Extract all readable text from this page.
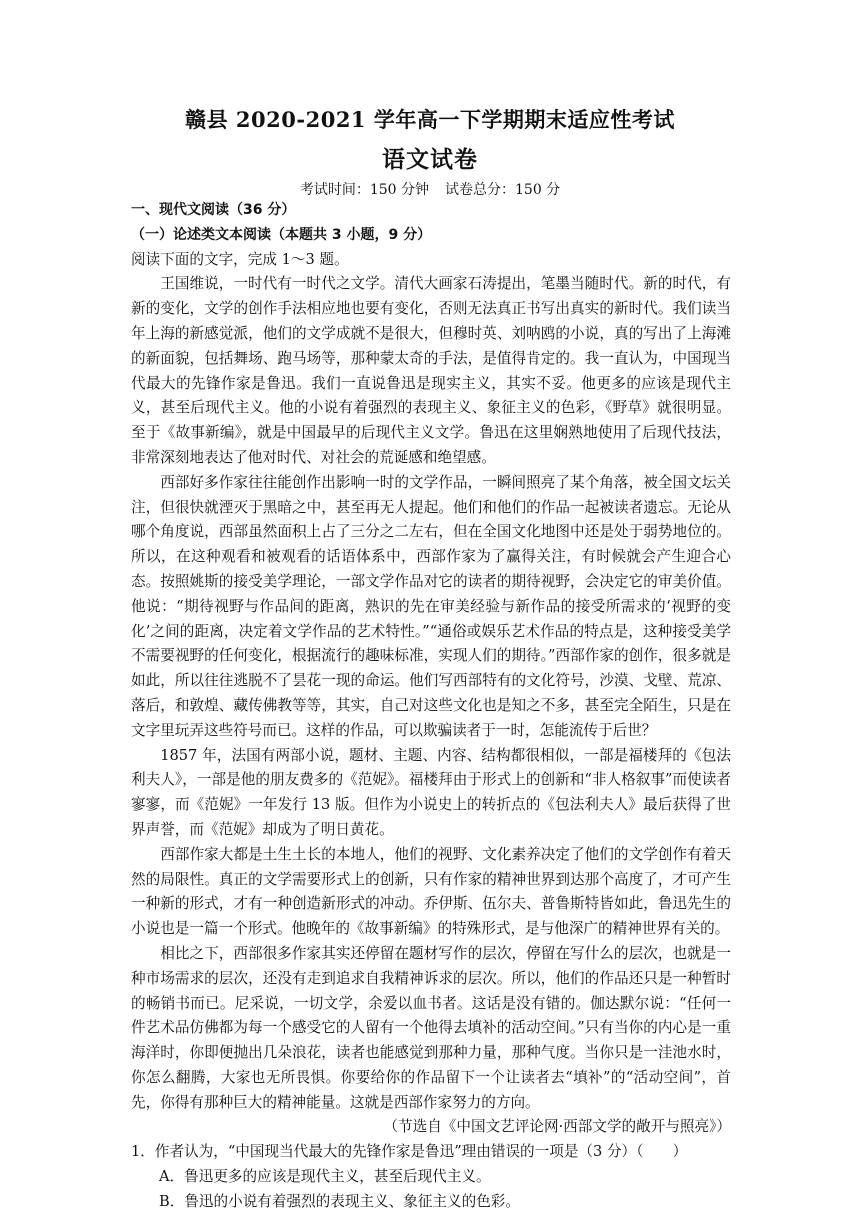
赣县 2020-2021 学年高一下学期期末适应性考试
语文试卷
考试时间：150 分钟 试卷总分：150 分

一、现代文阅读（36 分）

（一）论述类文本阅读（本题共 3 小题，9 分）

阅读下面的文字，完成 1～3 题。

王国维说，一时代有一时代之文学。清代大画家石涛提出，笔墨当随时代。新的时代，有新的变化，文学的创作手法相应地也要有变化，否则无法真正书写出真实的新时代。我们读当年上海的新感觉派，他们的文学成就不是很大，但穆时英、刘呐鸥的小说，真的写出了上海滩的新面貌，包括舞场、跑马场等，那种蒙太奇的手法，是值得肯定的。我一直认为，中国现当代最大的先锋作家是鲁迅。我们一直说鲁迅是现实主义，其实不妥。他更多的应该是现代主义，甚至后现代主义。他的小说有着强烈的表现主义、象征主义的色彩，《野草》就很明显。至于《故事新编》，就是中国最早的后现代主义文学。鲁迅在这里娴熟地使用了后现代技法，非常深刻地表达了他对时代、对社会的荒诞感和绝望感。

西部好多作家往往能创作出影响一时的文学作品，一瞬间照亮了某个角落，被全国文坛关注，但很快就湮灭于黑暗之中，甚至再无人提起。他们和他们的作品一起被读者遗忘。无论从哪个角度说，西部虽然面积上占了三分之二左右，但在全国文化地图中还是处于弱势地位的。所以，在这种观看和被观看的话语体系中，西部作家为了赢得关注，有时候就会产生迎合心态。按照姚斯的接受美学理论，一部文学作品对它的读者的期待视野，会决定它的审美价值。他说：“期待视野与作品间的距离，熟识的先在审美经验与新作品的接受所需求的‘视野的变化’之间的距离，决定着文学作品的艺术特性。”“通俗或娱乐艺术作品的特点是，这种接受美学不需要视野的任何变化，根据流行的趣味标准，实现人们的期待。”西部作家的创作，很多就是如此，所以往往逃脱不了昙花一现的命运。他们写西部特有的文化符号，沙漠、戈壁、荒凉、落后，和敦煌、藏传佛教等等，其实，自己对这些文化也是知之不多，甚至完全陌生，只是在文字里玩弄这些符号而已。这样的作品，可以欺骗读者于一时，怎能流传于后世？

1857 年，法国有两部小说，题材、主题、内容、结构都很相似，一部是福楼拜的《包法利夫人》，一部是他的朋友费多的《范妮》。福楼拜由于形式上的创新和“非人格叙事”而使读者寥寥，而《范妮》一年发行 13 版。但作为小说史上的转折点的《包法利夫人》最后获得了世界声誉，而《范妮》却成为了明日黄花。

西部作家大都是土生土长的本地人，他们的视野、文化素养决定了他们的文学创作有着天然的局限性。真正的文学需要形式上的创新，只有作家的精神世界到达那个高度了，才可产生一种新的形式，才有一种创造新形式的冲动。乔伊斯、伍尔夫、普鲁斯特皆如此，鲁迅先生的小说也是一篇一个形式。他晚年的《故事新编》的特殊形式，是与他深广的精神世界有关的。

相比之下，西部很多作家其实还停留在题材写作的层次，停留在写什么的层次，也就是一种市场需求的层次，还没有走到追求自我精神诉求的层次。所以，他们的作品还只是一种暂时的畅销书而已。尼采说，一切文学，余爱以血书者。这话是没有错的。伽达默尔说：“任何一件艺术品仿佛都为每一个感受它的人留有一个他得去填补的活动空间。”只有当你的内心是一重海洋时，你即便抛出几朵浪花，读者也能感觉到那种力量，那种气度。当你只是一洼池水时，你怎么翻腾，大家也无所畏惧。你要给你的作品留下一个让读者去“填补”的“活动空间”，首先，你得有那种巨大的精神能量。这就是西部作家努力的方向。

（节选自《中国文艺评论网·西部文学的敞开与照亮》）

1．作者认为，“中国现当代最大的先锋作家是鲁迅”理由错误的一项是（3 分）（　　）

A．鲁迅更多的应该是现代主义，甚至后现代主义。

B．鲁迅的小说有着强烈的表现主义、象征主义的色彩。
